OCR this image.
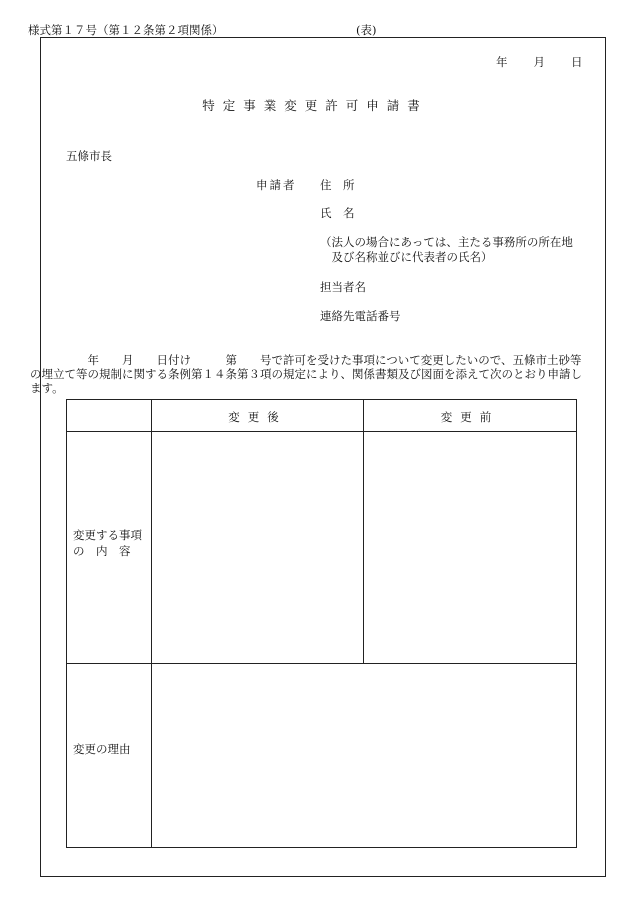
様式第１７号（第１２条第２項関係）	(表)
年 月 日
特定事業変更許可申請書
五條市長
申請者 住　所
氏　名
（法人の場合にあっては、主たる事務所の所在地
　及び名称並びに代表者の氏名）
担当者名
連絡先電話番号
　　　　　年　　月　　日付け　　　第　　号で許可を受けた事項について変更したいので、五條市土砂等の埋立て等の規制に関する条例第１４条第３項の規定により、関係書類及び図面を添えて次のとおり申請します。
変更後	変更前
変更する事項
の　内　容
変更の理由
